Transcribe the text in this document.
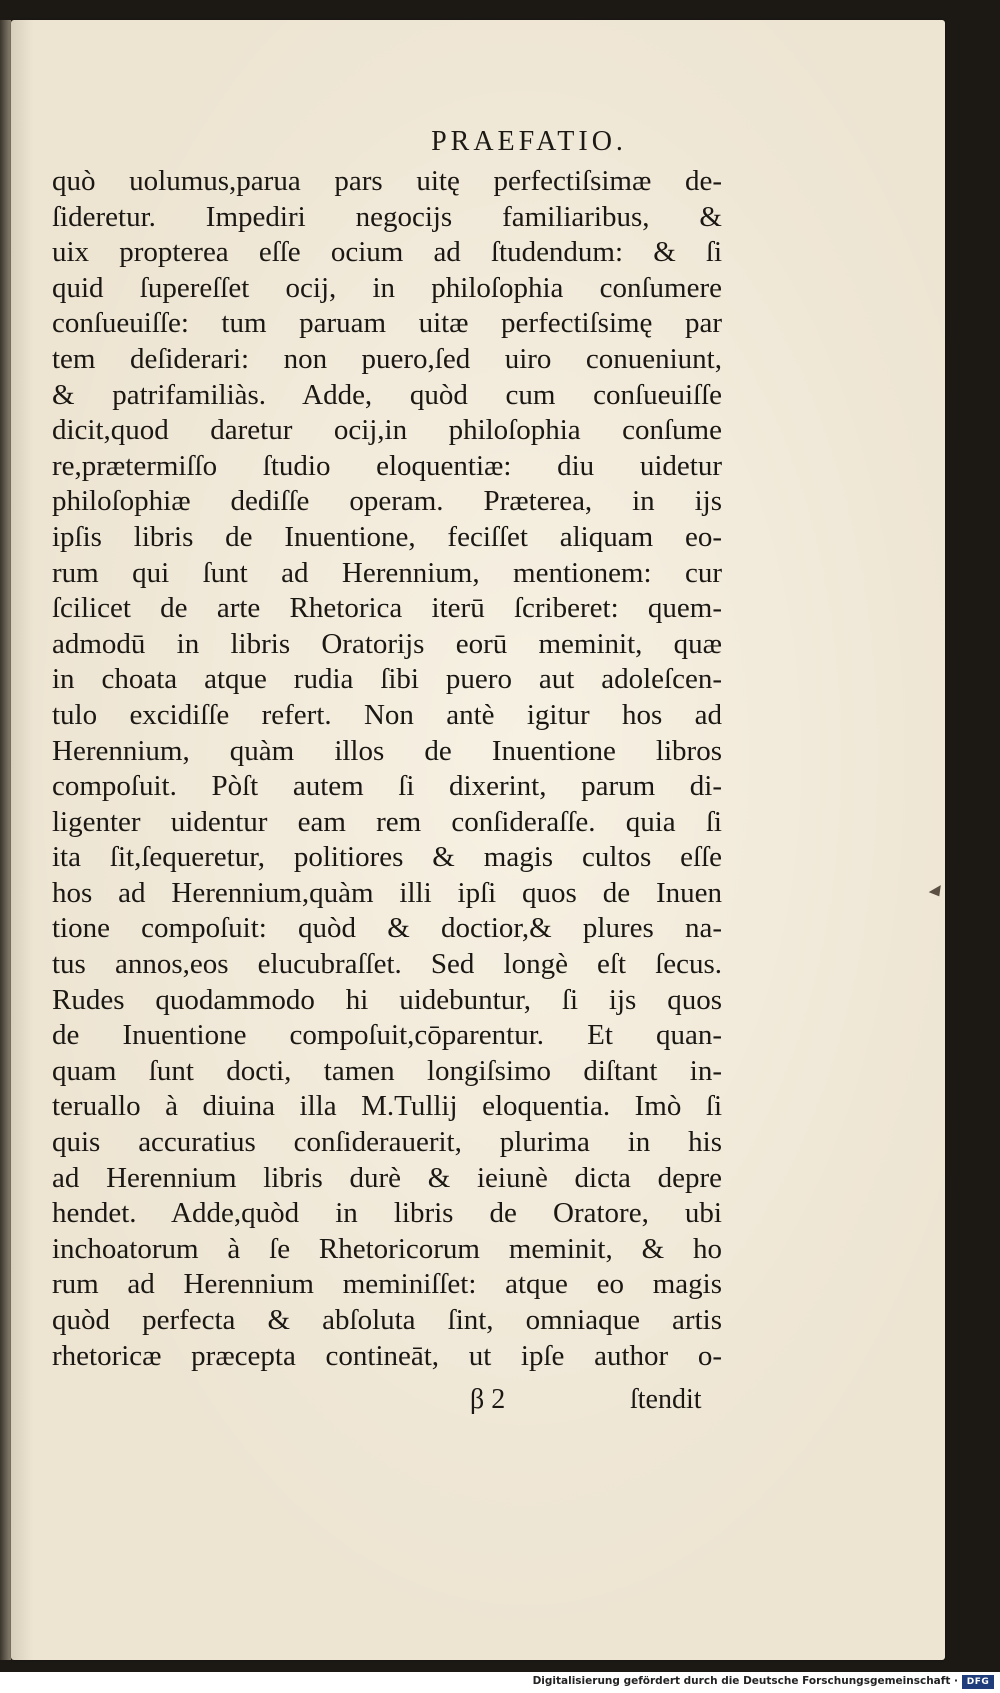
PRAEFATIO.
quò uolumus,parua pars uitę perfectiſsimæ de-
ſideretur. Impediri negocijs familiaribus, &
uix propterea eſſe ocium ad ſtudendum: & ſi
quid ſupereſſet ocij, in philoſophia conſumere
conſueuiſſe: tum paruam uitæ perfectiſsimę par
tem deſiderari: non puero,ſed uiro conueniunt,
& patrifamiliàs. Adde, quòd cum conſueuiſſe
dicit,quod daretur ocij,in philoſophia conſume
re,prætermiſſo ſtudio eloquentiæ: diu uidetur
philoſophiæ dediſſe operam. Præterea, in ijs
ipſis libris de Inuentione, feciſſet aliquam eo-
rum qui ſunt ad Herennium, mentionem: cur
ſcilicet de arte Rhetorica iterū ſcriberet: quem-
admodū in libris Oratorijs eorū meminit, quæ
in choata atque rudia ſibi puero aut adoleſcen-
tulo excidiſſe refert. Non antè igitur hos ad
Herennium, quàm illos de Inuentione libros
compoſuit. Pòſt autem ſi dixerint, parum di-
ligenter uidentur eam rem conſideraſſe. quia ſi
ita ſit,ſequeretur, politiores & magis cultos eſſe
hos ad Herennium,quàm illi ipſi quos de Inuen
tione compoſuit: quòd & doctior,& plures na-
tus annos,eos elucubraſſet. Sed longè eſt ſecus.
Rudes quodammodo hi uidebuntur, ſi ijs quos
de Inuentione compoſuit,cōparentur. Et quan-
quam ſunt docti, tamen longiſsimo diſtant in-
teruallo à diuina illa M.Tullij eloquentia. Imò ſi
quis accuratius conſiderauerit, plurima in his
ad Herennium libris durè & ieiunè dicta depre
hendet. Adde,quòd in libris de Oratore, ubi
inchoatorum à ſe Rhetoricorum meminit, & ho
rum ad Herennium meminiſſet: atque eo magis
quòd perfecta & abſoluta ſint, omniaque artis
rhetoricæ præcepta contineāt, ut ipſe author o-
β 2	ſtendit
Digitalisierung gefördert durch die Deutsche Forschungsgemeinschaft · DFG
